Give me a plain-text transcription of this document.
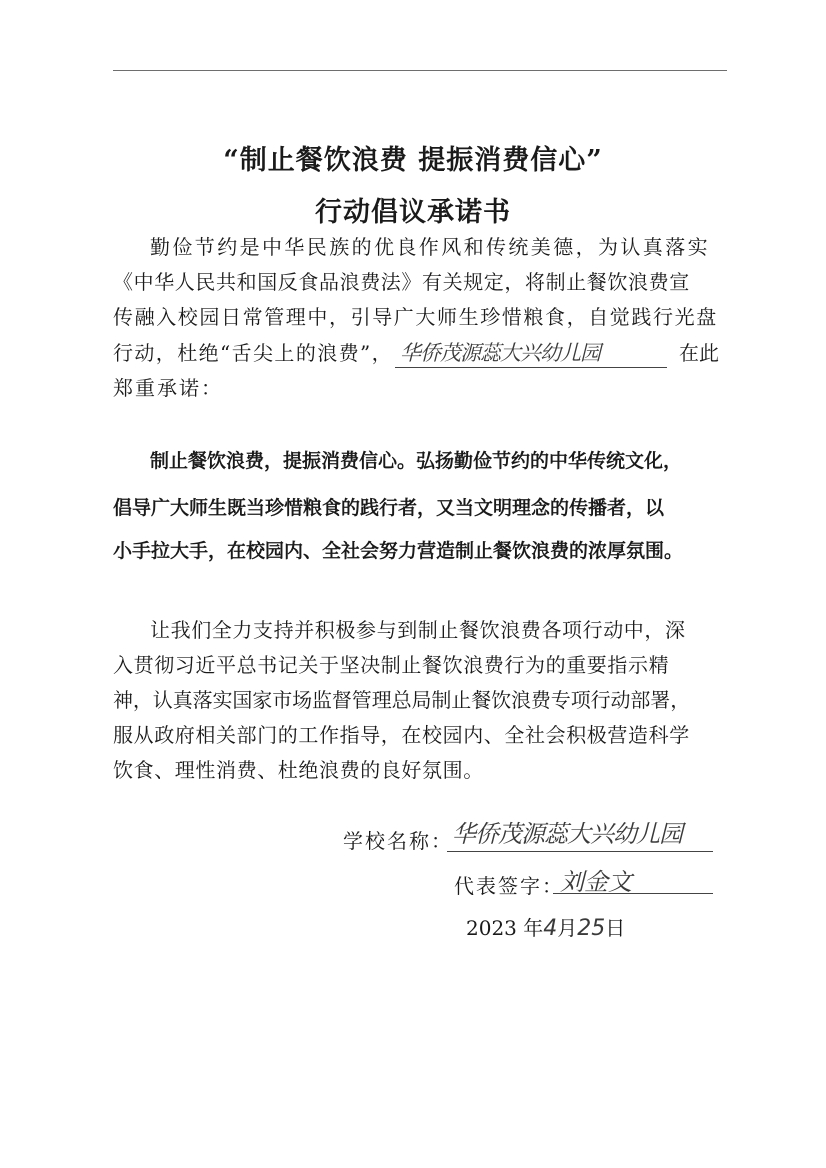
“制止餐饮浪费 提振消费信心”
行动倡议承诺书
勤俭节约是中华民族的优良作风和传统美德，为认真落实
《中华人民共和国反食品浪费法》有关规定，将制止餐饮浪费宣
传融入校园日常管理中，引导广大师生珍惜粮食，自觉践行光盘
行动，杜绝“舌尖上的浪费”， 华侨茂源蕊大兴幼儿园	在此
郑重承诺：
制止餐饮浪费，提振消费信心。弘扬勤俭节约的中华传统文化，
倡导广大师生既当珍惜粮食的践行者，又当文明理念的传播者，以
小手拉大手，在校园内、全社会努力营造制止餐饮浪费的浓厚氛围。
让我们全力支持并积极参与到制止餐饮浪费各项行动中，深
入贯彻习近平总书记关于坚决制止餐饮浪费行为的重要指示精
神，认真落实国家市场监督管理总局制止餐饮浪费专项行动部署，
服从政府相关部门的工作指导，在校园内、全社会积极营造科学
饮食、理性消费、杜绝浪费的良好氛围。
学校名称： 华侨茂源蕊大兴幼儿园
代表签字：
刘金文
2023 年4月25日
